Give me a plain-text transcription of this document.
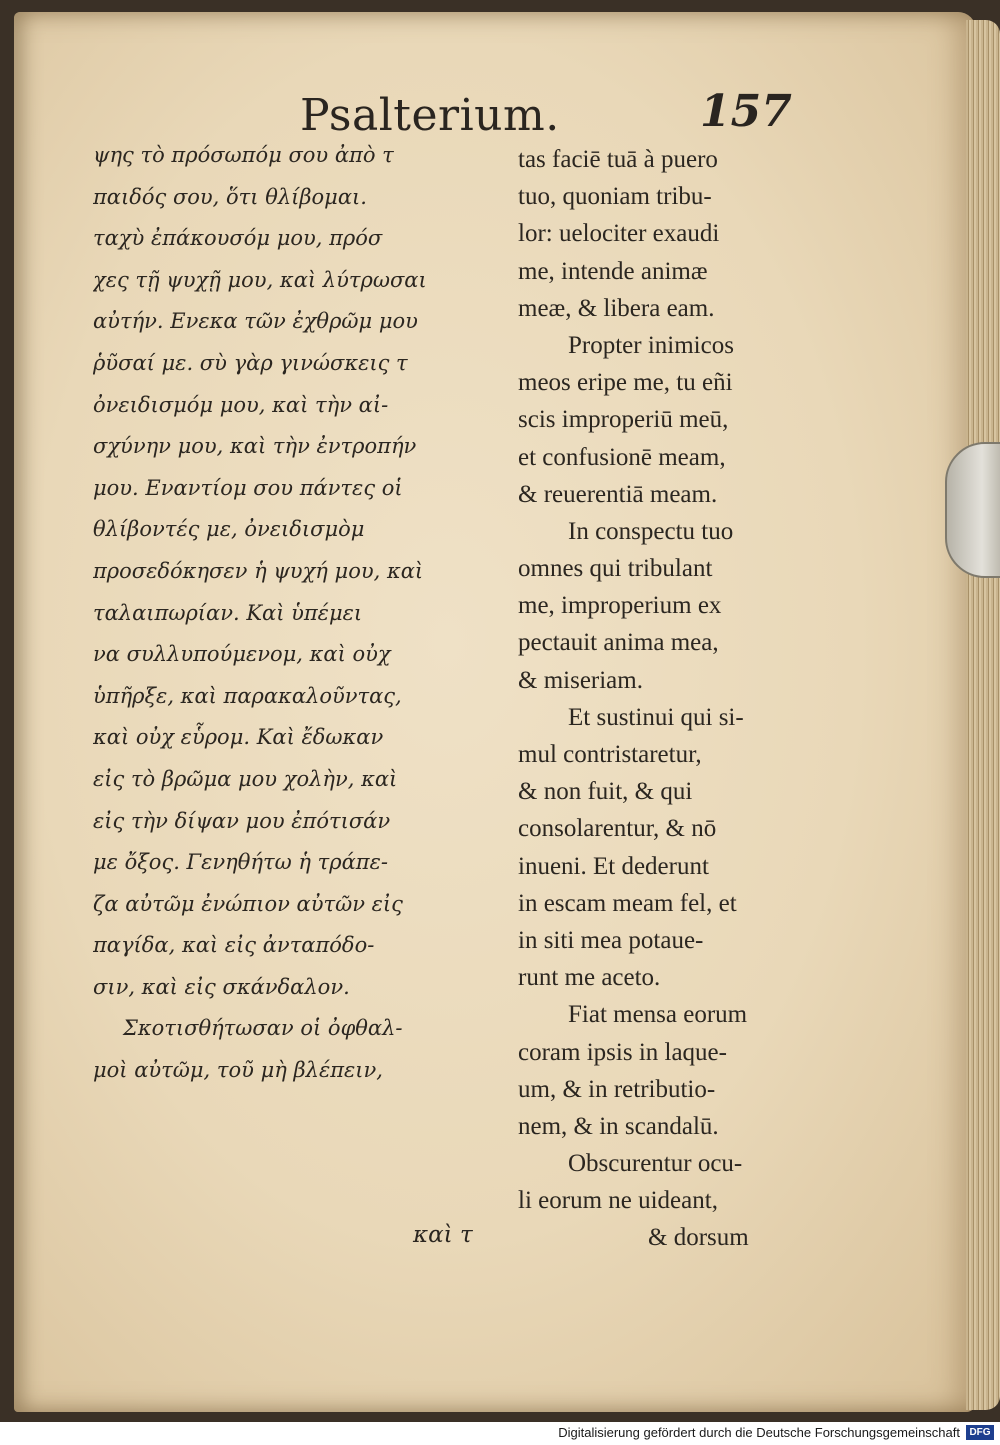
Psalterium.	157
ψης τὸ πρόσωπόμ σου ἀπὸ τ
παιδός σου, ὅτι θλίβομαι.
ταχὺ ἐπάκουσόμ μου, πρόσ
χες τῇ ψυχῇ μου, καὶ λύτρωσαι
αὐτήν. Ενεκα τῶν ἐχθρῶμ μου
ῥῦσαί με. σὺ γὰρ γινώσκεις τ
ὀνειδισμόμ μου, καὶ τὴν αἰ-
σχύνην μου, καὶ τὴν ἐντροπήν
μου. Εναντίομ σου πάντες οἱ
θλίβοντές με, ὀνειδισμὸμ
προσεδόκησεν ἡ ψυχή μου, καὶ
ταλαιπωρίαν. Καὶ ὑπέμει
να συλλυπούμενομ, καὶ οὐχ
ὑπῆρξε, καὶ παρακαλοῦντας,
καὶ οὐχ εὗρομ. Καὶ ἔδωκαν
εἰς τὸ βρῶμα μου χολὴν, καὶ
εἰς τὴν δίψαν μου ἐπότισάν
με ὄξος. Γενηθήτω ἡ τράπε-
ζα αὐτῶμ ἐνώπιον αὐτῶν εἰς
παγίδα, καὶ εἰς ἀνταπόδο-
σιν, καὶ εἰς σκάνδαλον.
Σκοτισθήτωσαν οἱ ὀφθαλ-
μοὶ αὐτῶμ, τοῦ μὴ βλέπειν,
tas faciē tuā à puero
tuo, quoniam tribu-
lor: uelociter exaudi
me, intende animæ
meæ, & libera eam.
Propter inimicos
meos eripe me, tu eñi
scis improperiū meū,
et confusionē meam,
& reuerentiā meam.
In conspectu tuo
omnes qui tribulant
me, improperium ex
pectauit anima mea,
& miseriam.
Et sustinui qui si-
mul contristaretur,
& non fuit, & qui
consolarentur, & nō
inueni. Et dederunt
in escam meam fel, et
in siti mea potaue-
runt me aceto.
Fiat mensa eorum
coram ipsis in laque-
um, & in retributio-
nem, & in scandalū.
Obscurentur ocu-
li eorum ne uideant,
& dorsum
καὶ τ
Digitalisierung gefördert durch die Deutsche Forschungsgemeinschaft DFG
